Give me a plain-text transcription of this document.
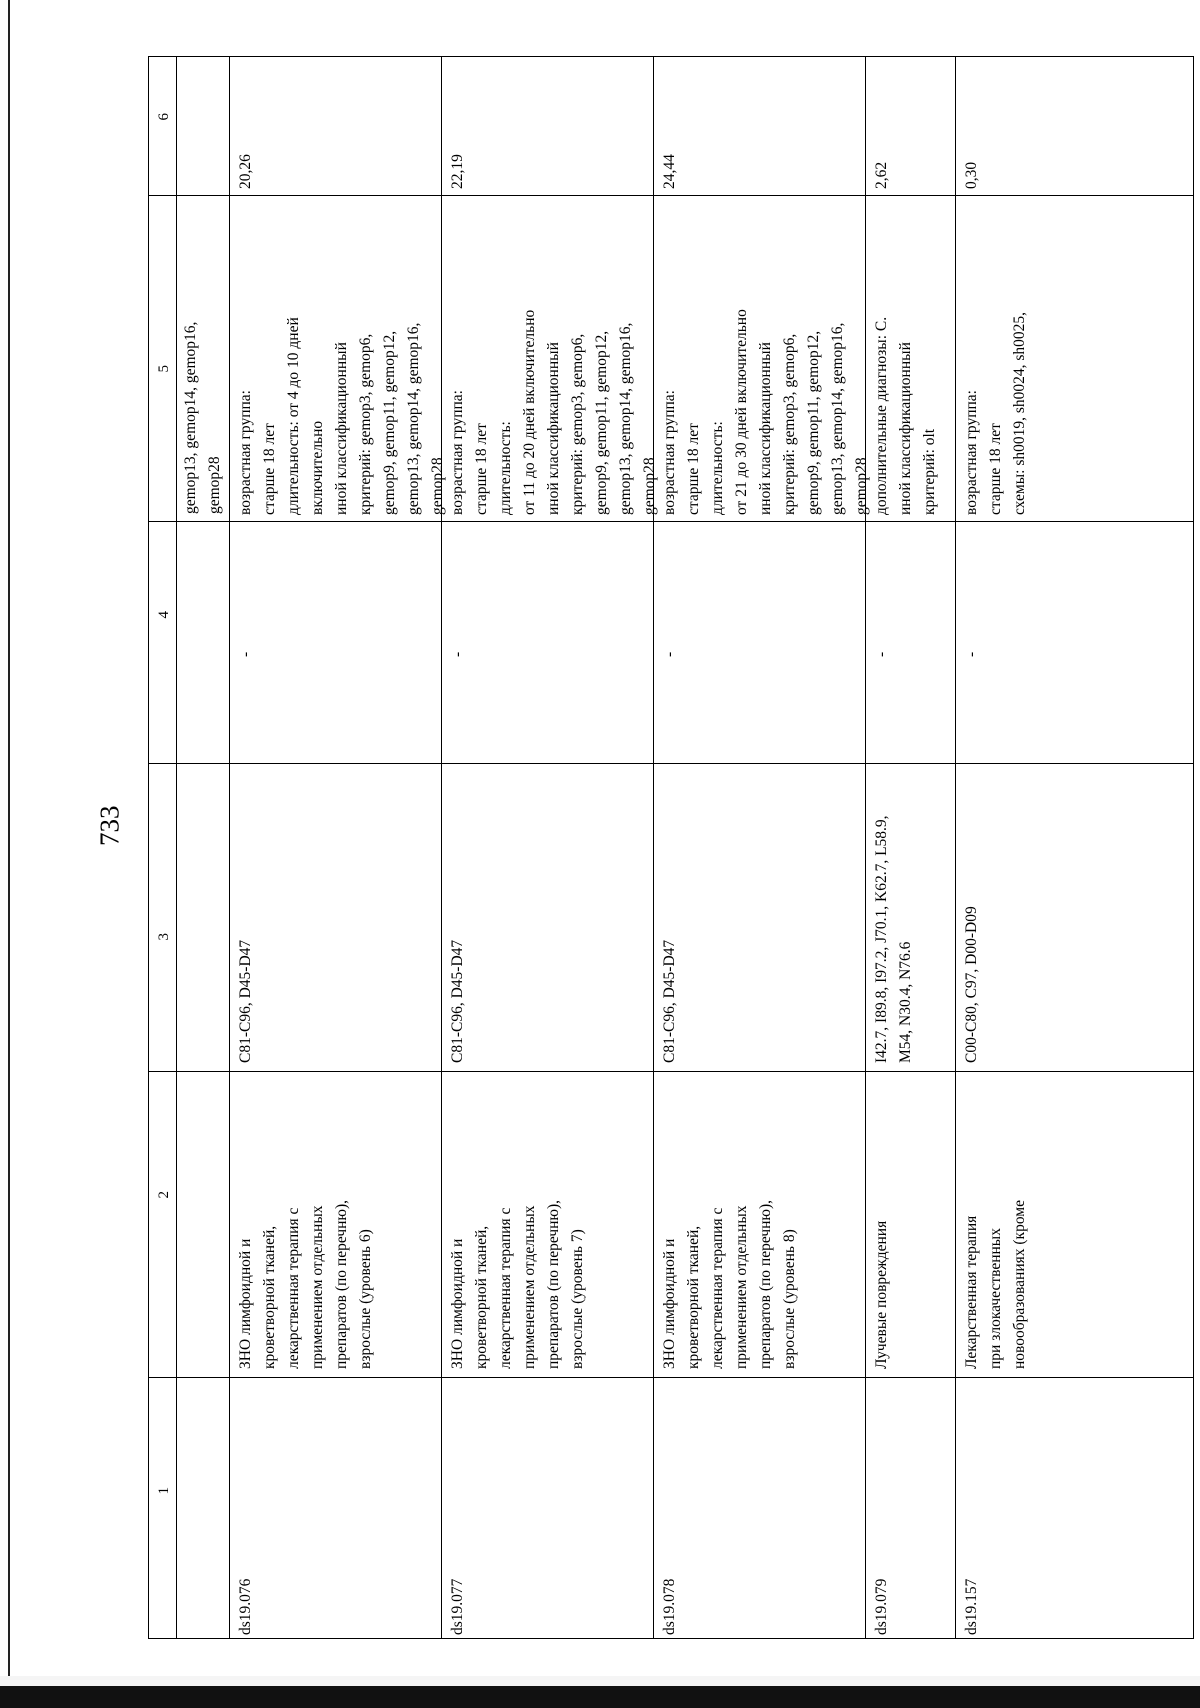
733
1
2
3
4
5
6
gemop13, gemop14, gemop16,
gemop28
ds19.076
ЗНО лимфоидной и
кроветворной тканей,
лекарственная терапия с
применением отдельных
препаратов (по перечню),
взрослые (уровень 6)
C81-C96, D45-D47
-
возрастная группа:
старше 18 лет
длительность: от 4 до 10 дней
включительно
иной классификационный
критерий: gemop3, gemop6,
gemop9, gemop11, gemop12,
gemop13, gemop14, gemop16,
gemop28
20,26
ds19.077
ЗНО лимфоидной и
кроветворной тканей,
лекарственная терапия с
применением отдельных
препаратов (по перечню),
взрослые (уровень 7)
C81-C96, D45-D47
-
возрастная группа:
старше 18 лет
длительность:
от 11 до 20 дней включительно
иной классификационный
критерий: gemop3, gemop6,
gemop9, gemop11, gemop12,
gemop13, gemop14, gemop16,
gemop28
22,19
ds19.078
ЗНО лимфоидной и
кроветворной тканей,
лекарственная терапия с
применением отдельных
препаратов (по перечню),
взрослые (уровень 8)
C81-C96, D45-D47
-
возрастная группа:
старше 18 лет
длительность:
от 21 до 30 дней включительно
иной классификационный
критерий: gemop3, gemop6,
gemop9, gemop11, gemop12,
gemop13, gemop14, gemop16,
gemop28
24,44
ds19.079
Лучевые повреждения
I42.7, I89.8, I97.2, J70.1, K62.7, L58.9,
M54, N30.4, N76.6
-
дополнительные диагнозы: C.
иной классификационный
критерий: olt
2,62
ds19.157
Лекарственная терапия
при злокачественных
новообразованиях (кроме
C00-C80, C97, D00-D09
-
возрастная группа:
старше 18 лет
схемы: sh0019, sh0024, sh0025,
0,30
